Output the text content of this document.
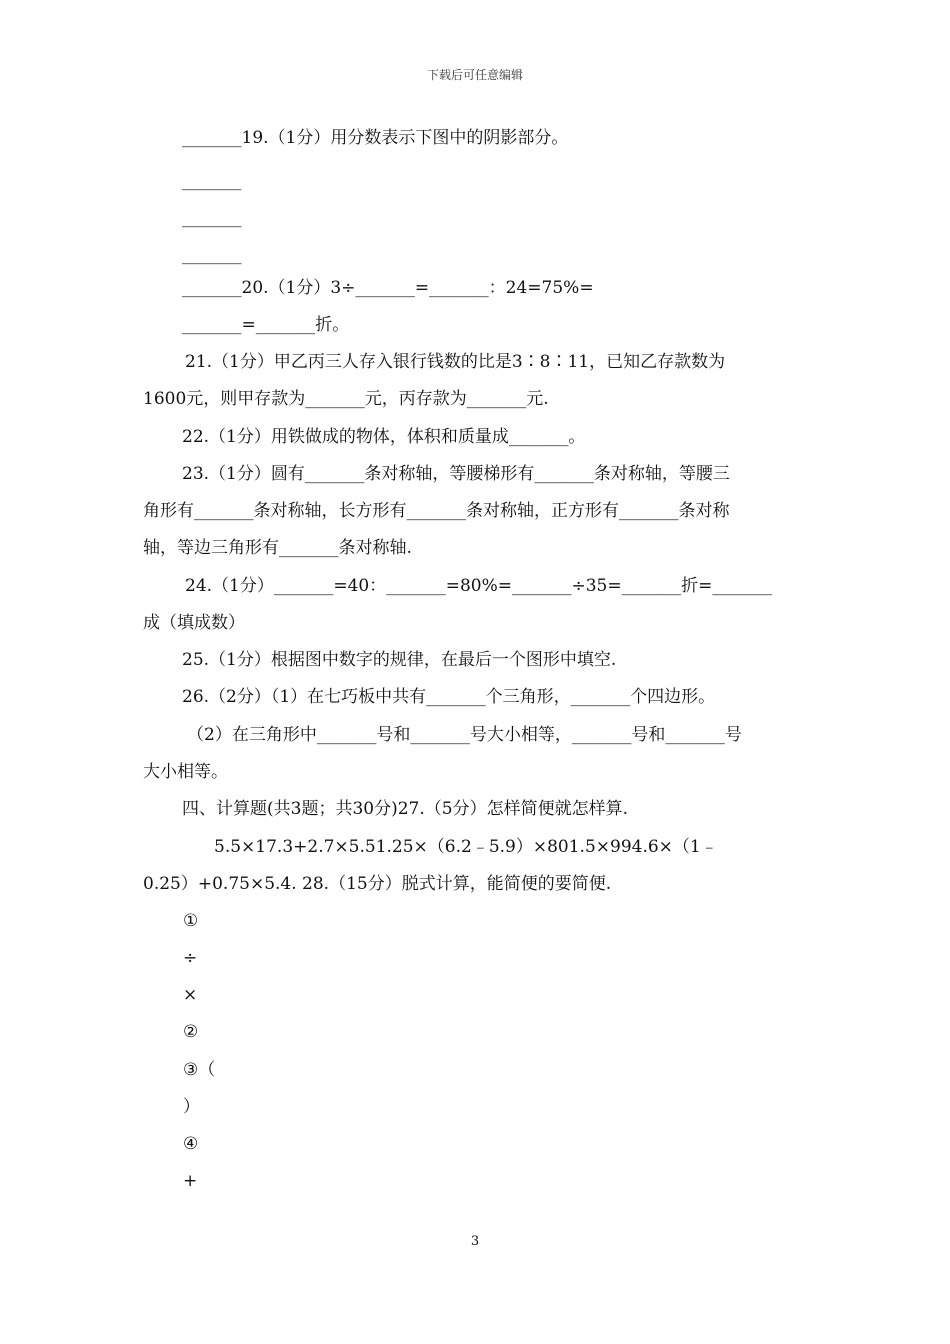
下载后可任意编辑
_______19.（1分）用分数表示下图中的阴影部分。
_______
_______
_______
_______20.（1分）3÷_______=_______：24=75%=
_______=_______折。
21.（1分）甲乙丙三人存入银行钱数的比是3∶8∶11，已知乙存款数为
1600元，则甲存款为_______元，丙存款为_______元.
22.（1分）用铁做成的物体，体积和质量成_______。
23.（1分）圆有_______条对称轴，等腰梯形有_______条对称轴，等腰三
角形有_______条对称轴，长方形有_______条对称轴，正方形有_______条对称
轴，等边三角形有_______条对称轴.
24.（1分）_______=40：_______=80%=_______÷35=_______折=_______
成（填成数）
25.（1分）根据图中数字的规律，在最后一个图形中填空.
26.（2分）（1）在七巧板中共有_______个三角形，_______个四边形。
（2）在三角形中_______号和_______号大小相等，_______号和_______号
大小相等。
四、计算题(共3题；共30分)27.（5分）怎样简便就怎样算.
5.5×17.3+2.7×5.51.25×（6.2﹣5.9）×801.5×994.6×（1﹣
0.25）+0.75×5.4. 28.（15分）脱式计算，能简便的要简便.
①
÷
×
②
③（
）
④
+
3
